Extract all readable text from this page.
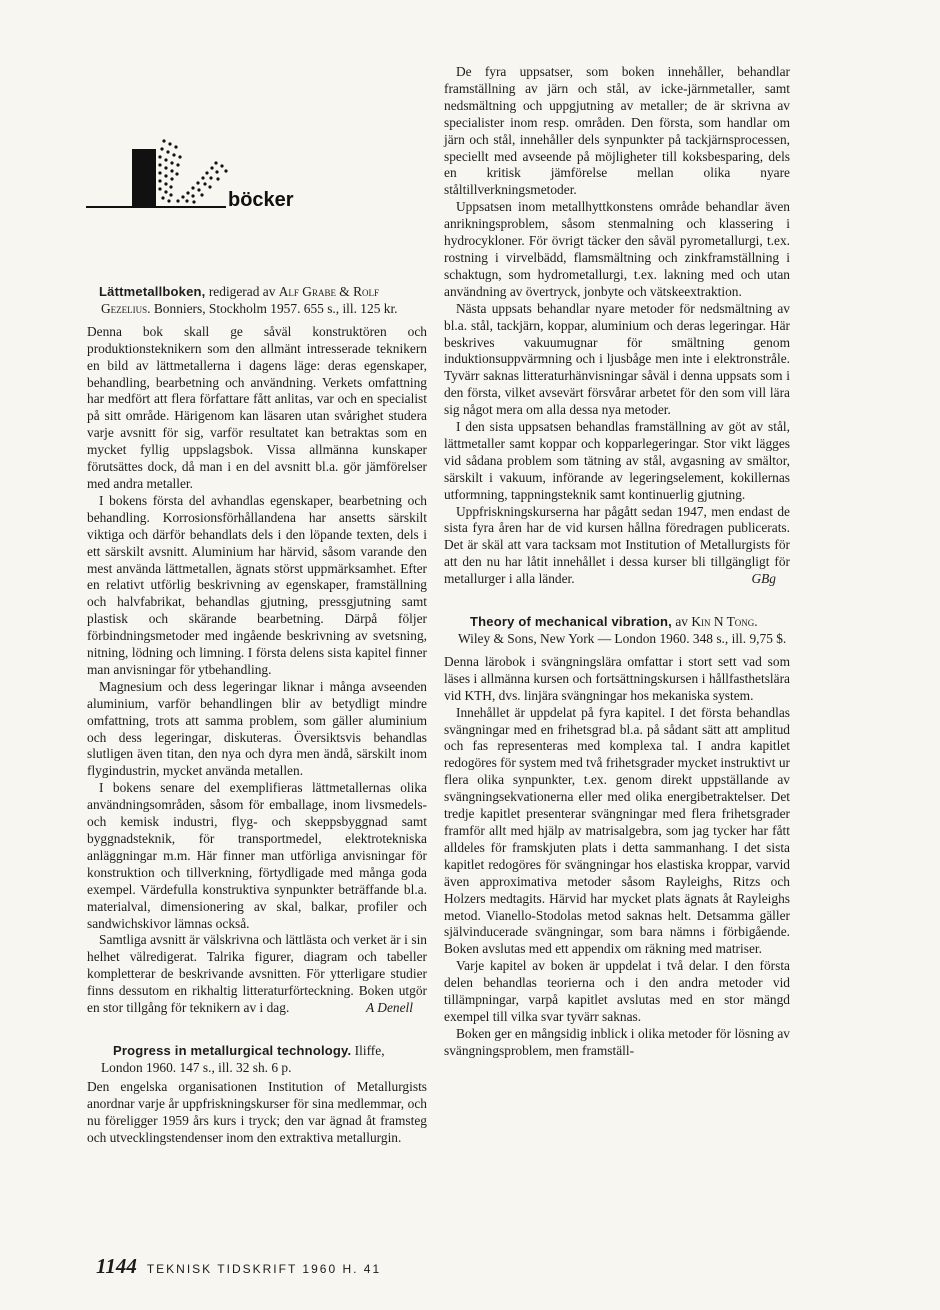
böcker

Lättmetallboken, redigerad av Alf Grabe & Rolf Gezelius. Bonniers, Stockholm 1957. 655 s., ill. 125 kr.

Denna bok skall ge såväl konstruktören och produktionsteknikern som den allmänt intresserade teknikern en bild av lättmetallerna i dagens läge: deras egenskaper, behandling, bearbetning och användning. Verkets omfattning har medfört att flera författare fått anlitas, var och en specialist på sitt område. Härigenom kan läsaren utan svårighet studera varje avsnitt för sig, varför resultatet kan betraktas som en mycket fyllig uppslagsbok. Vissa allmänna kunskaper förutsättes dock, då man i en del avsnitt bl.a. gör jämförelser med andra metaller.

I bokens första del avhandlas egenskaper, bearbetning och behandling. Korrosionsförhållandena har ansetts särskilt viktiga och därför behandlats dels i den löpande texten, dels i ett särskilt avsnitt. Aluminium har härvid, såsom varande den mest använda lättmetallen, ägnats störst uppmärksamhet. Efter en relativt utförlig beskrivning av egenskaper, framställning och halvfabrikat, behandlas gjutning, pressgjutning samt plastisk och skärande bearbetning. Därpå följer förbindningsmetoder med ingående beskrivning av svetsning, nitning, lödning och limning. I första delens sista kapitel finner man anvisningar för ytbehandling.

Magnesium och dess legeringar liknar i många avseenden aluminium, varför behandlingen blir av betydligt mindre omfattning, trots att samma problem, som gäller aluminium och dess legeringar, diskuteras. Översiktsvis behandlas slutligen även titan, den nya och dyra men ändå, särskilt inom flygindustrin, mycket använda metallen.

I bokens senare del exemplifieras lättmetallernas olika användningsområden, såsom för emballage, inom livsmedels- och kemisk industri, flyg- och skeppsbyggnad samt byggnadsteknik, för transportmedel, elektrotekniska anläggningar m.m. Här finner man utförliga anvisningar för konstruktion och tillverkning, förtydligade med många goda exempel. Värdefulla konstruktiva synpunkter beträffande bl.a. materialval, dimensionering av skal, balkar, profiler och sandwichskivor lämnas också.

Samtliga avsnitt är välskrivna och lättlästa och verket är i sin helhet välredigerat. Talrika figurer, diagram och tabeller kompletterar de beskrivande avsnitten. För ytterligare studier finns dessutom en rikhaltig litteraturförteckning. Boken utgör en stor tillgång för teknikern av i dag.	A Denell

Progress in metallurgical technology. Iliffe, London 1960. 147 s., ill. 32 sh. 6 p.

Den engelska organisationen Institution of Metallurgists anordnar varje år uppfriskningskurser för sina medlemmar, och nu föreligger 1959 års kurs i tryck; den var ägnad åt framsteg och utvecklingstendenser inom den extraktiva metallurgin.

De fyra uppsatser, som boken innehåller, behandlar framställning av järn och stål, av icke-järnmetaller, samt nedsmältning och uppgjutning av metaller; de är skrivna av specialister inom resp. områden. Den första, som handlar om järn och stål, innehåller dels synpunkter på tackjärnsprocessen, speciellt med avseende på möjligheter till koksbesparing, dels en kritisk jämförelse mellan olika nyare ståltillverkningsmetoder.

Uppsatsen inom metallhyttkonstens område behandlar även anrikningsproblem, såsom stenmalning och klassering i hydrocykloner. För övrigt täcker den såväl pyrometallurgi, t.ex. rostning i virvelbädd, flamsmältning och zinkframställning i schaktugn, som hydrometallurgi, t.ex. lakning med och utan användning av övertryck, jonbyte och vätskeextraktion.

Nästa uppsats behandlar nyare metoder för nedsmältning av bl.a. stål, tackjärn, koppar, aluminium och deras legeringar. Här beskrives vakuumugnar för smältning genom induktionsuppvärmning och i ljusbåge men inte i elektronstråle. Tyvärr saknas litteraturhänvisningar såväl i denna uppsats som i den första, vilket avsevärt försvårar arbetet för den som vill lära sig något mera om alla dessa nya metoder.

I den sista uppsatsen behandlas framställning av göt av stål, lättmetaller samt koppar och kopparlegeringar. Stor vikt lägges vid sådana problem som tätning av stål, avgasning av smältor, särskilt i vakuum, införande av legeringselement, kokillernas utformning, tappningsteknik samt kontinuerlig gjutning.

Uppfriskningskurserna har pågått sedan 1947, men endast de sista fyra åren har de vid kursen hållna föredragen publicerats. Det är skäl att vara tacksam mot Institution of Metallurgists för att den nu har låtit innehållet i dessa kurser bli tillgängligt för metallurger i alla länder.	GBg

Theory of mechanical vibration, av Kin N Tong. Wiley & Sons, New York — London 1960. 348 s., ill. 9,75 $.

Denna lärobok i svängningslära omfattar i stort sett vad som läses i allmänna kursen och fortsättningskursen i hållfasthetslära vid KTH, dvs. linjära svängningar hos mekaniska system.

Innehållet är uppdelat på fyra kapitel. I det första behandlas svängningar med en frihetsgrad bl.a. på sådant sätt att amplitud och fas representeras med komplexa tal. I andra kapitlet redogöres för system med två frihetsgrader mycket instruktivt ur flera olika synpunkter, t.ex. genom direkt uppställande av svängningsekvationerna eller med olika energibetraktelser. Det tredje kapitlet presenterar svängningar med flera frihetsgrader framför allt med hjälp av matrisalgebra, som jag tycker har fått alldeles för framskjuten plats i detta sammanhang. I det sista kapitlet redogöres för svängningar hos elastiska kroppar, varvid även approximativa metoder såsom Rayleighs, Ritzs och Holzers medtagits. Härvid har mycket plats ägnats åt Rayleighs metod. Vianello-Stodolas metod saknas helt. Detsamma gäller självinducerade svängningar, som bara nämns i förbigående. Boken avslutas med ett appendix om räkning med matriser.

Varje kapitel av boken är uppdelat i två delar. I den första delen behandlas teorierna och i den andra metoder vid tillämpningar, varpå kapitlet avslutas med en stor mängd exempel till vilka svar tyvärr saknas.

Boken ger en mångsidig inblick i olika metoder för lösning av svängningsproblem, men framställ-

1144 TEKNISK TIDSKRIFT 1960 H. 41
